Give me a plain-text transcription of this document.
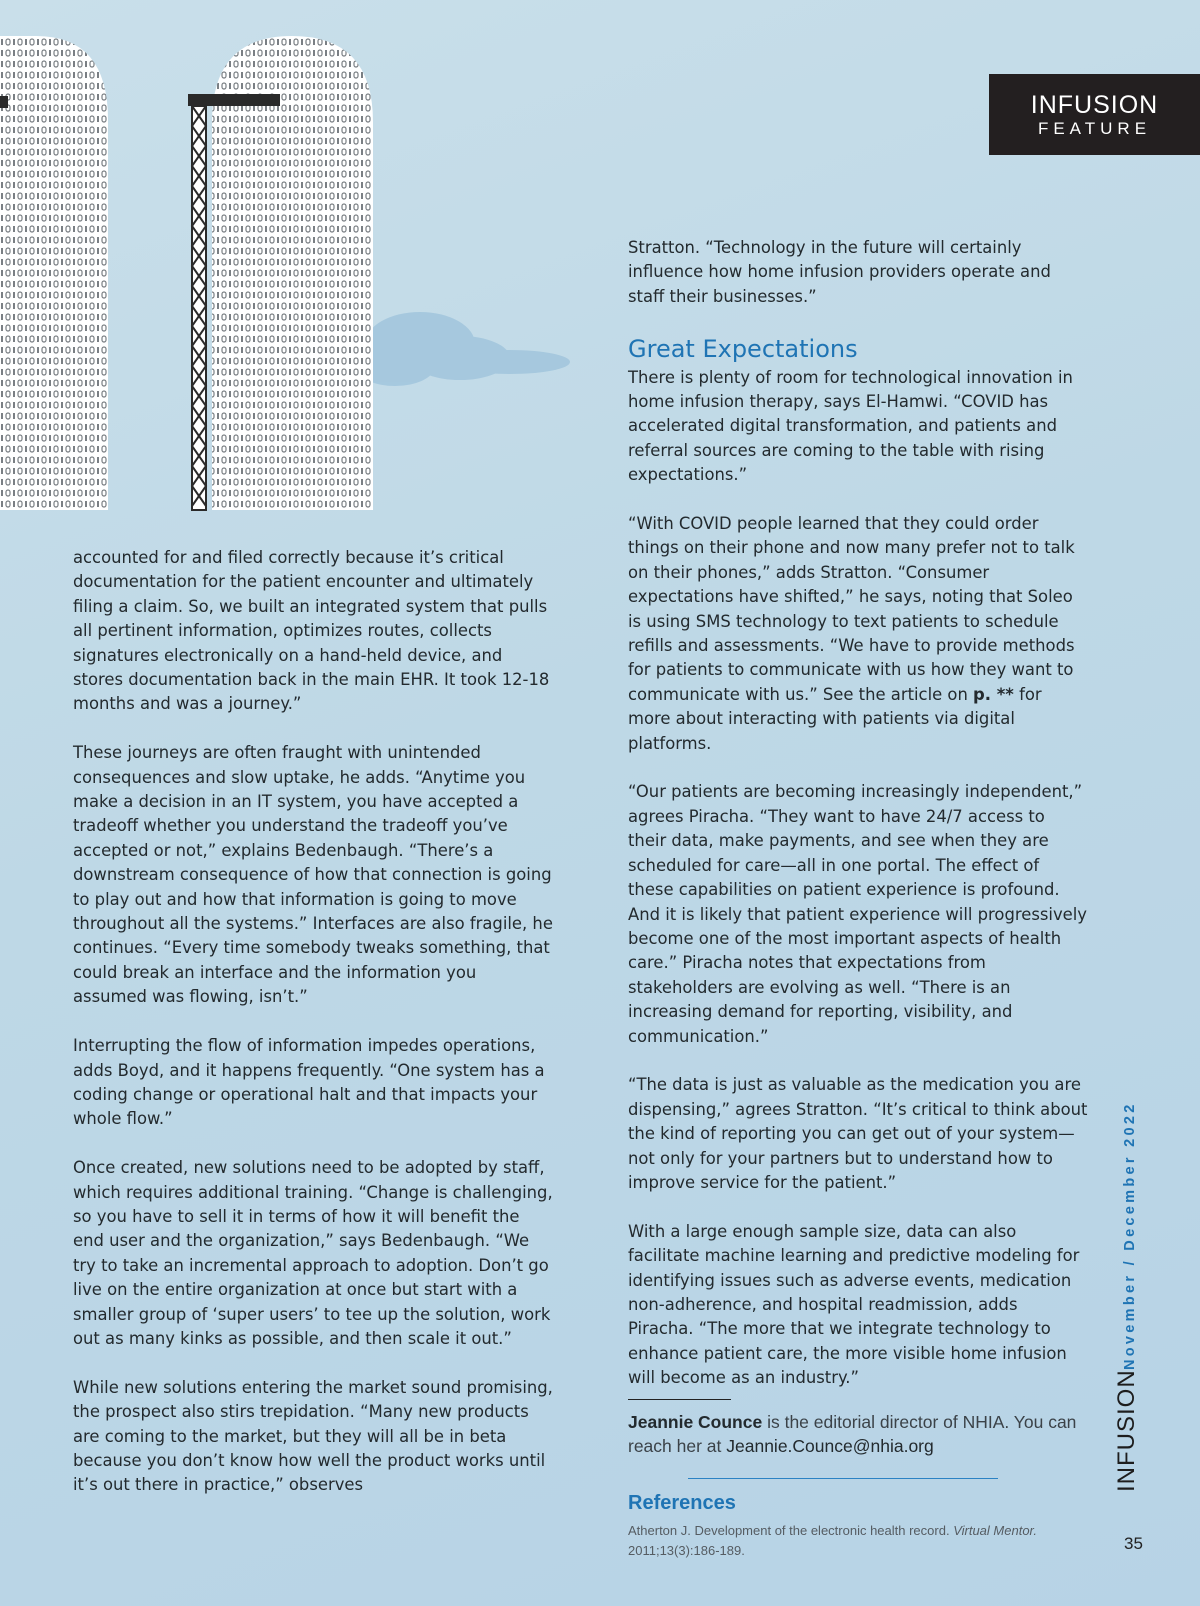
INFUSION
FEATURE

accounted for and filed correctly because it’s critical documentation for the patient encounter and ultimately filing a claim. So, we built an integrated system that pulls all pertinent information, optimizes routes, collects signatures electronically on a hand-held device, and stores documentation back in the main EHR. It took 12-18 months and was a journey.”

These journeys are often fraught with unintended consequences and slow uptake, he adds. “Anytime you make a decision in an IT system, you have accepted a tradeoff whether you understand the tradeoff you’ve accepted or not,” explains Bedenbaugh. “There’s a downstream consequence of how that connection is going to play out and how that information is going to move throughout all the systems.” Interfaces are also fragile, he continues. “Every time somebody tweaks something, that could break an interface and the information you assumed was flowing, isn’t.”

Interrupting the flow of information impedes operations, adds Boyd, and it happens frequently. “One system has a coding change or operational halt and that impacts your whole flow.”

Once created, new solutions need to be adopted by staff, which requires additional training. “Change is challenging, so you have to sell it in terms of how it will benefit the end user and the organization,” says Bedenbaugh. “We try to take an incremental approach to adoption. Don’t go live on the entire organization at once but start with a smaller group of ‘super users’ to tee up the solution, work out as many kinks as possible, and then scale it out.”

While new solutions entering the market sound promising, the prospect also stirs trepidation. “Many new products are coming to the market, but they will all be in beta because you don’t know how well the product works until it’s out there in practice,” observes

Stratton. “Technology in the future will certainly influence how home infusion providers operate and staff their businesses.”

Great Expectations

There is plenty of room for technological innovation in home infusion therapy, says El-Hamwi. “COVID has accelerated digital transformation, and patients and referral sources are coming to the table with rising expectations.”

“With COVID people learned that they could order things on their phone and now many prefer not to talk on their phones,” adds Stratton. “Consumer expectations have shifted,” he says, noting that Soleo is using SMS technology to text patients to schedule refills and assessments. “We have to provide methods for patients to communicate with us how they want to communicate with us.” See the article on p. ** for more about interacting with patients via digital platforms.

“Our patients are becoming increasingly independent,” agrees Piracha. “They want to have 24/7 access to their data, make payments, and see when they are scheduled for care—all in one portal. The effect of these capabilities on patient experience is profound. And it is likely that patient experience will progressively become one of the most important aspects of health care.” Piracha notes that expectations from stakeholders are evolving as well. “There is an increasing demand for reporting, visibility, and communication.”

“The data is just as valuable as the medication you are dispensing,” agrees Stratton. “It’s critical to think about the kind of reporting you can get out of your system—not only for your partners but to understand how to improve service for the patient.”

With a large enough sample size, data can also facilitate machine learning and predictive modeling for identifying issues such as adverse events, medication non-adherence, and hospital readmission, adds Piracha. “The more that we integrate technology to enhance patient care, the more visible home infusion will become as an industry.”

Jeannie Counce is the editorial director of NHIA. You can reach her at Jeannie.Counce@nhia.org
References
Atherton J. Development of the electronic health record. Virtual Mentor. 2011;13(3):186-189.
November / December 2022
INFUSION
35
